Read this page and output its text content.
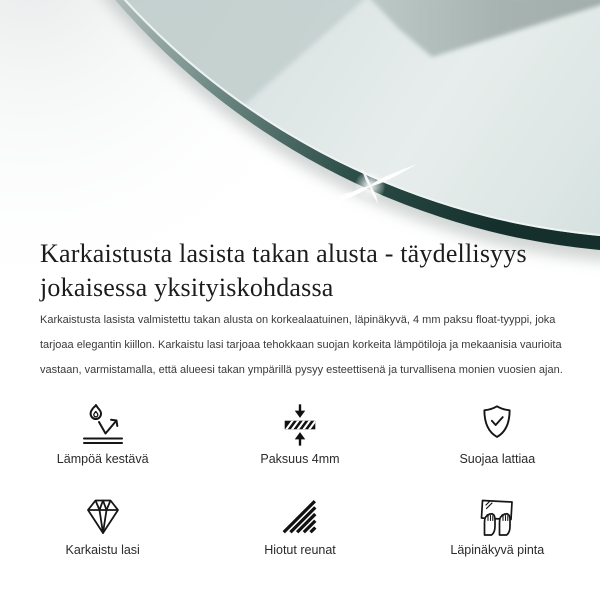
Karkaistusta lasista takan alusta - täydellisyys jokaisessa yksityiskohdassa

Karkaistusta lasista valmistettu takan alusta on korkealaatuinen, läpinäkyvä, 4 mm paksu float-tyyppi, joka tarjoaa elegantin kiillon. Karkaistu lasi tarjoaa tehokkaan suojan korkeita lämpötiloja ja mekaanisia vaurioita vastaan, varmistamalla, että alueesi takan ympärillä pysyy esteettisenä ja turvallisena monien vuosien ajan.

Lämpöä kestävä	Paksuus 4mm	Suojaa lattiaa
Karkaistu lasi	Hiotut reunat	Läpinäkyvä pinta
